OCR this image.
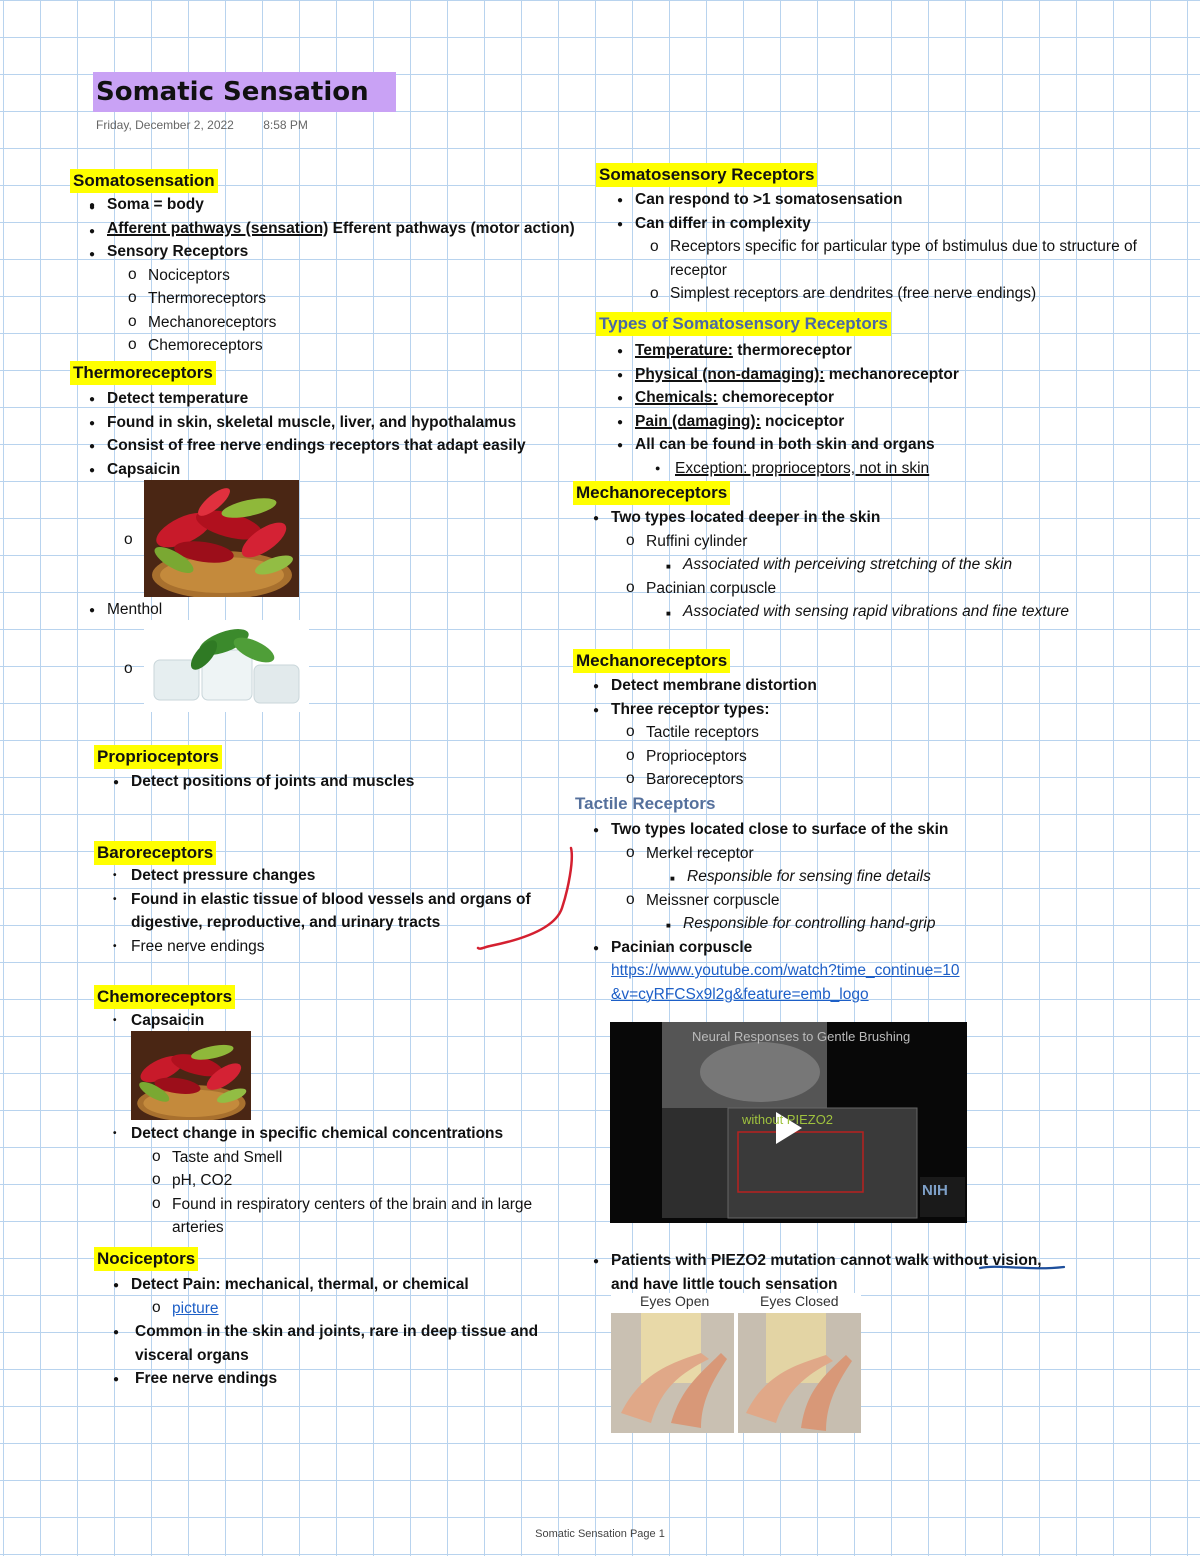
Somatic Sensation
Friday, December 2, 2022 8:58 PM
Somatosensation
Soma = body
Afferent pathways (sensation) Efferent pathways (motor action)
Sensory Receptors
o Nociceptors
o Thermoreceptors
o Mechanoreceptors
o Chemoreceptors
●
●
●
Thermoreceptors
● Detect temperature
● Found in skin, skeletal muscle, liver, and hypothalamus
● Consist of free nerve endings receptors that adapt easily
● Capsaicin
o
● Menthol
o
Proprioceptors
● Detect positions of joints and muscles
Baroreceptors
• Detect pressure changes
• Found in elastic tissue of blood vessels and organs of digestive, reproductive, and urinary tracts
• Free nerve endings
Chemoreceptors
• Capsaicin
• Detect change in specific chemical concentrations
o Taste and Smell
o pH, CO2
o Found in respiratory centers of the brain and in large arteries
Nociceptors
● Detect Pain: mechanical, thermal, or chemical
o picture
● Common in the skin and joints, rare in deep tissue and visceral organs
● Free nerve endings
Somatosensory Receptors
● Can respond to >1 somatosensation
● Can differ in complexity
o Receptors specific for particular type of bstimulus due to structure of receptor
o Simplest receptors are dendrites (free nerve endings)
Types of Somatosensory Receptors
● Temperature: thermoreceptor
● Physical (non-damaging): mechanoreceptor
● Chemicals: chemoreceptor
● Pain (damaging): nociceptor
● All can be found in both skin and organs
● Exception: proprioceptors, not in skin
Mechanoreceptors
● Two types located deeper in the skin
o Ruffini cylinder
■ Associated with perceiving stretching of the skin
o Pacinian corpuscle
■ Associated with sensing rapid vibrations and fine texture
Mechanoreceptors
● Detect membrane distortion
● Three receptor types:
o Tactile receptors
o Proprioceptors
o Baroreceptors
Tactile Receptors
● Two types located close to surface of the skin
o Merkel receptor
■ Responsible for sensing fine details
o Meissner corpuscle
■ Responsible for controlling hand-grip
● Pacinian corpuscle
https://www.youtube.com/watch?time_continue=10
&v=cyRFCSx9l2g&feature=emb_logo
Neural Responses to Gentle Brushing
without PIEZO2
NIH
● Patients with PIEZO2 mutation cannot walk without vision,
and have little touch sensation
Eyes Open	Eyes Closed
Somatic Sensation Page 1
